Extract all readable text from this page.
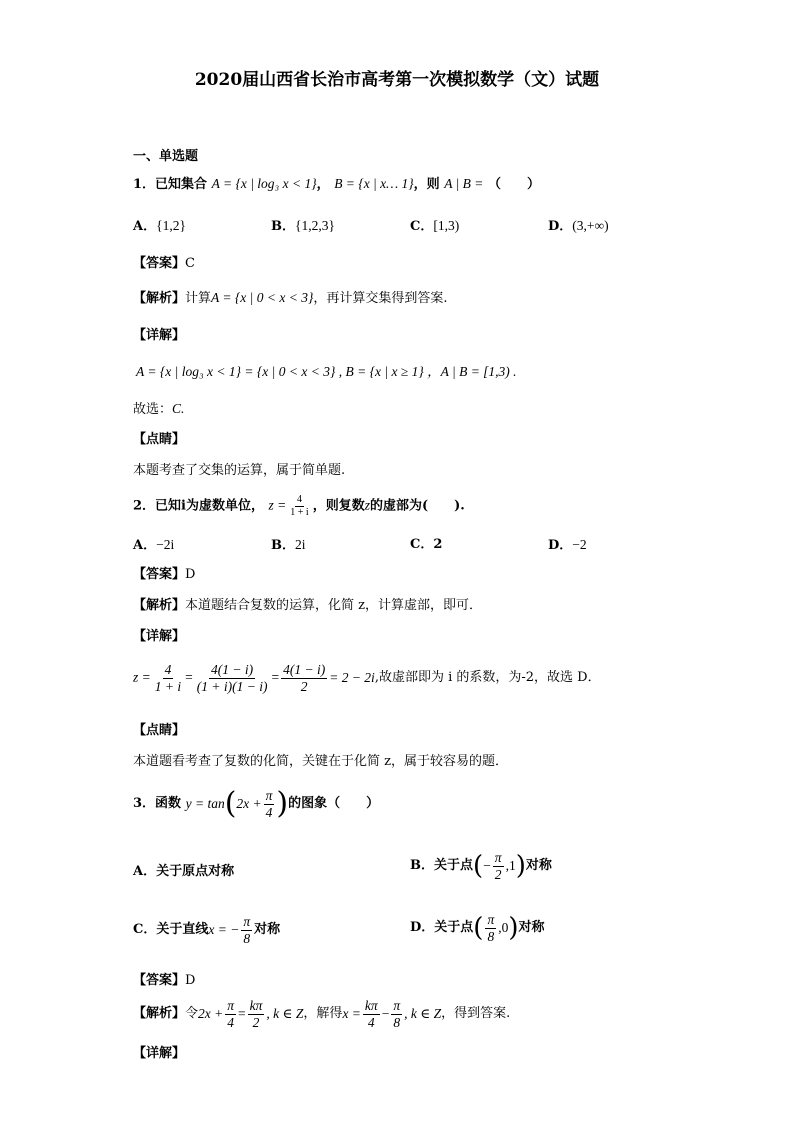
2020届山西省长治市高考第一次模拟数学（文）试题
一、单选题
1．已知集合 A = {x | log₃ x < 1}， B = {x | x… 1}，则 A | B = （　　）
A．{1,2}	B．{1,2,3}	C．[1,3)	D．(3,+∞)
【答案】C
【解析】计算A = {x | 0 < x < 3}，再计算交集得到答案.
【详解】
A = {x | log₃ x < 1} = {x | 0 < x < 3} , B = {x | x ≥ 1} ，A | B = [1,3) .
故选：C.
【点睛】
本题考查了交集的运算，属于简单题.
2．已知i为虚数单位， $z = \frac{4}{1 + i}$ ，则复数z的虚部为(　　).
A．−2i	B．2i	C．2	D．−2
【答案】D
【解析】本道题结合复数的运算，化简 z，计算虚部，即可．
【详解】
$z = \frac{4}{1 + i} = \frac{4(1 - i)}{(1 + i)(1 - i)} = \frac{4(1 - i)}{2} = 2 - 2i$,故虚部即为 i 的系数，为-2，故选 D．
【点睛】
本道题看考查了复数的化简，关键在于化简 z，属于较容易的题．
3．函数 $y = \tan(2x + \frac{\pi}{4}$ )的图象（　　）
A．关于原点对称	B．关于点(− $\frac{\pi}{2} ,1$)对称
C．关于直线x = − $\frac{\pi}{8}$ 对称	D．关于点( $\frac{\pi}{8} ,0$)对称
【答案】D
【解析】令$2x + \frac{\pi}{4} = \frac{k\pi}{2}$ , k ∈ Z，解得$x = \frac{k\pi}{4} - \frac{\pi}{8}$ , k ∈ Z，得到答案.
【详解】
